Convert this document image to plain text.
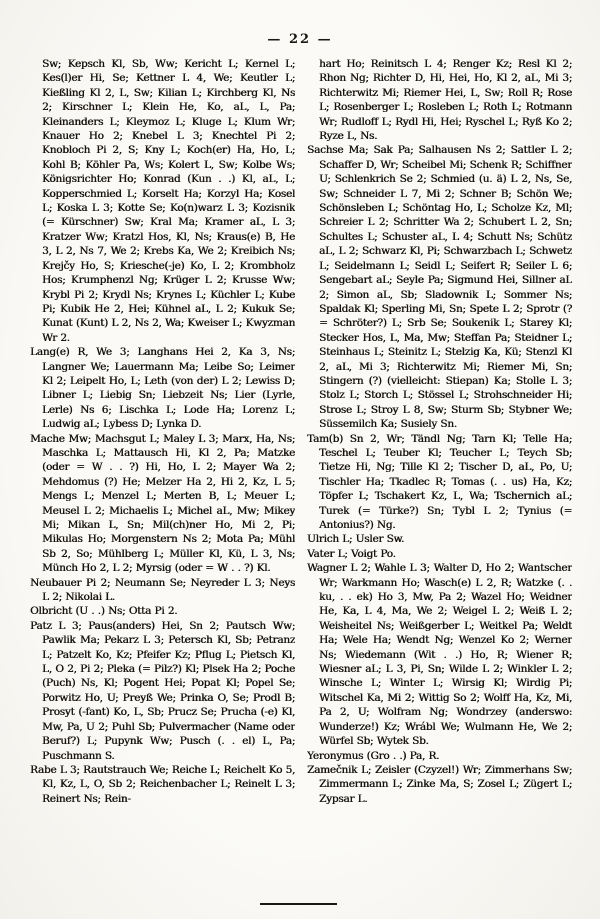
— 22 —

Sw; Kepsch Kl, Sb, Ww; Kericht L; Kernel L; Kes(l)er Hi, Se; Kettner L 4, We; Keutler L; Kießling Kl 2, L, Sw; Kilian L; Kirchberg Kl, Ns 2; Kirschner L; Klein He, Ko, aL, L, Pa; Kleinanders L; Kleymoz L; Kluge L; Klum Wr; Knauer Ho 2; Knebel L 3; Knechtel Pi 2; Knobloch Pi 2, S; Kny L; Koch(er) Ha, Ho, L; Kohl B; Köhler Pa, Ws; Kolert L, Sw; Kolbe Ws; Königsrichter Ho; Konrad (Kun . .) Kl, aL, L; Kopperschmied L; Korselt Ha; Korzyl Ha; Kosel L; Koska L 3; Kotte Se; Ko(n)warz L 3; Kozisnik (= Kürschner) Sw; Kral Ma; Kramer aL, L 3; Kratzer Ww; Kratzl Hos, Kl, Ns; Kraus(e) B, He 3, L 2, Ns 7, We 2; Krebs Ka, We 2; Kreibich Ns; Krejčy Ho, S; Kriesche(-je) Ko, L 2; Krombholz Hos; Krumphenzl Ng; Krüger L 2; Krusse Ww; Krybl Pi 2; Krydl Ns; Krynes L; Küchler L; Kube Pi; Kubik He 2, Hei; Kühnel aL, L 2; Kukuk Se; Kunat (Kunt) L 2, Ns 2, Wa; Kweiser L; Kwyzman Wr 2.

Lang(e) R, We 3; Langhans Hei 2, Ka 3, Ns; Langner We; Lauermann Ma; Leibe So; Leimer Kl 2; Leipelt Ho, L; Leth (von der) L 2; Lewiss D; Libner L; Liebig Sn; Liebzeit Ns; Lier (Lyrle, Lerle) Ns 6; Lischka L; Lode Ha; Lorenz L; Ludwig aL; Lybess D; Lynka D.

Mache Mw; Machsgut L; Maley L 3; Marx, Ha, Ns; Maschka L; Mattausch Hi, Kl 2, Pa; Matzke (oder = W . . ?) Hi, Ho, L 2; Mayer Wa 2; Mehdomus (?) He; Melzer Ha 2, Hi 2, Kz, L 5; Mengs L; Menzel L; Merten B, L; Meuer L; Meusel L 2; Michaelis L; Michel aL, Mw; Mikey Mi; Mikan L, Sn; Mil(ch)ner Ho, Mi 2, Pi; Mikulas Ho; Morgenstern Ns 2; Mota Pa; Mühl Sb 2, So; Mühlberg L; Müller Kl, Kü, L 3, Ns; Münch Ho 2, L 2; Myrsig (oder = W . . ?) Kl.

Neubauer Pi 2; Neumann Se; Neyreder L 3; Neys L 2; Nikolai L.

Olbricht (U . .) Ns; Otta Pi 2.

Patz L 3; Paus(anders) Hei, Sn 2; Pautsch Ww; Pawlik Ma; Pekarz L 3; Petersch Kl, Sb; Petranz L; Patzelt Ko, Kz; Pfeifer Kz; Pflug L; Pietsch Kl, L, O 2, Pi 2; Pleka (= Pilz?) Kl; Plsek Ha 2; Poche (Puch) Ns, Kl; Pogent Hei; Popat Kl; Popel Se; Porwitz Ho, U; Preyß We; Prinka O, Se; Prodl B; Prosyt (-fant) Ko, L, Sb; Prucz Se; Prucha (-e) Kl, Mw, Pa, U 2; Puhl Sb; Pulvermacher (Name oder Beruf?) L; Pupynk Ww; Pusch (. . el) L, Pa; Puschmann S.

Rabe L 3; Rautstrauch We; Reiche L; Reichelt Ko 5, Kl, Kz, L, O, Sb 2; Reichenbacher L; Reinelt L 3; Reinert Ns; Rein-

hart Ho; Reinitsch L 4; Renger Kz; Resl Kl 2; Rhon Ng; Richter D, Hi, Hei, Ho, Kl 2, aL, Mi 3; Richterwitz Mi; Riemer Hei, L, Sw; Roll R; Rose L; Rosenberger L; Rosleben L; Roth L; Rotmann Wr; Rudloff L; Rydl Hi, Hei; Ryschel L; Ryß Ko 2; Ryze L, Ns.

Sachse Ma; Sak Pa; Salhausen Ns 2; Sattler L 2; Schaffer D, Wr; Scheibel Mi; Schenk R; Schiffner U; Schlenkrich Se 2; Schmied (u. ä) L 2, Ns, Se, Sw; Schneider L 7, Mi 2; Schner B; Schön We; Schönsleben L; Schöntag Ho, L; Scholze Kz, Ml; Schreier L 2; Schritter Wa 2; Schubert L 2, Sn; Schultes L; Schuster aL, L 4; Schutt Ns; Schütz aL, L 2; Schwarz Kl, Pi; Schwarzbach L; Schwetz L; Seidelmann L; Seidl L; Seifert R; Seiler L 6; Sengebart aL; Seyle Pa; Sigmund Hei, Sillner aL 2; Simon aL, Sb; Sladownik L; Sommer Ns; Spaldak Kl; Sperling Mi, Sn; Spete L 2; Sprotr (? = Schröter?) L; Srb Se; Soukenik L; Starey Kl; Stecker Hos, L, Ma, Mw; Steffan Pa; Steidner L; Steinhaus L; Steinitz L; Stelzig Ka, Kü; Stenzl Kl 2, aL, Mi 3; Richterwitz Mi; Riemer Mi, Sn; Stingern (?) (vielleicht: Stiepan) Ka; Stolle L 3; Stolz L; Storch L; Stössel L; Strohschneider Hi; Strose L; Stroy L 8, Sw; Sturm Sb; Stybner We; Süssemilch Ka; Susiely Sn.

Tam(b) Sn 2, Wr; Tändl Ng; Tarn Kl; Telle Ha; Teschel L; Teuber Kl; Teucher L; Teych Sb; Tietze Hi, Ng; Tille Kl 2; Tischer D, aL, Po, U; Tischler Ha; Tkadlec R; Tomas (. . us) Ha, Kz; Töpfer L; Tschakert Kz, L, Wa; Tschernich aL; Turek (= Türke?) Sn; Tybl L 2; Tynius (= Antonius?) Ng.

Ulrich L; Usler Sw.

Vater L; Voigt Po.

Wagner L 2; Wahle L 3; Walter D, Ho 2; Wantscher Wr; Warkmann Ho; Wasch(e) L 2, R; Watzke (. . ku, . . ek) Ho 3, Mw, Pa 2; Wazel Ho; Weidner He, Ka, L 4, Ma, We 2; Weigel L 2; Weiß L 2; Weisheitel Ns; Weißgerber L; Weitkel Pa; Weldt Ha; Wele Ha; Wendt Ng; Wenzel Ko 2; Werner Ns; Wiedemann (Wit . .) Ho, R; Wiener R; Wiesner aL; L 3, Pi, Sn; Wilde L 2; Winkler L 2; Winsche L; Winter L; Wirsig Kl; Wirdig Pi; Witschel Ka, Mi 2; Wittig So 2; Wolff Ha, Kz, Mi, Pa 2, U; Wolfram Ng; Wondrzey (anderswo: Wunderze!) Kz; Wrábl We; Wulmann He, We 2; Würfel Sb; Wytek Sb.

Yeronymus (Gro . .) Pa, R.

Zamečnik L; Zeisler (Czyzel!) Wr; Zimmerhans Sw; Zimmermann L; Zinke Ma, S; Zosel L; Zügert L; Zypsar L.
